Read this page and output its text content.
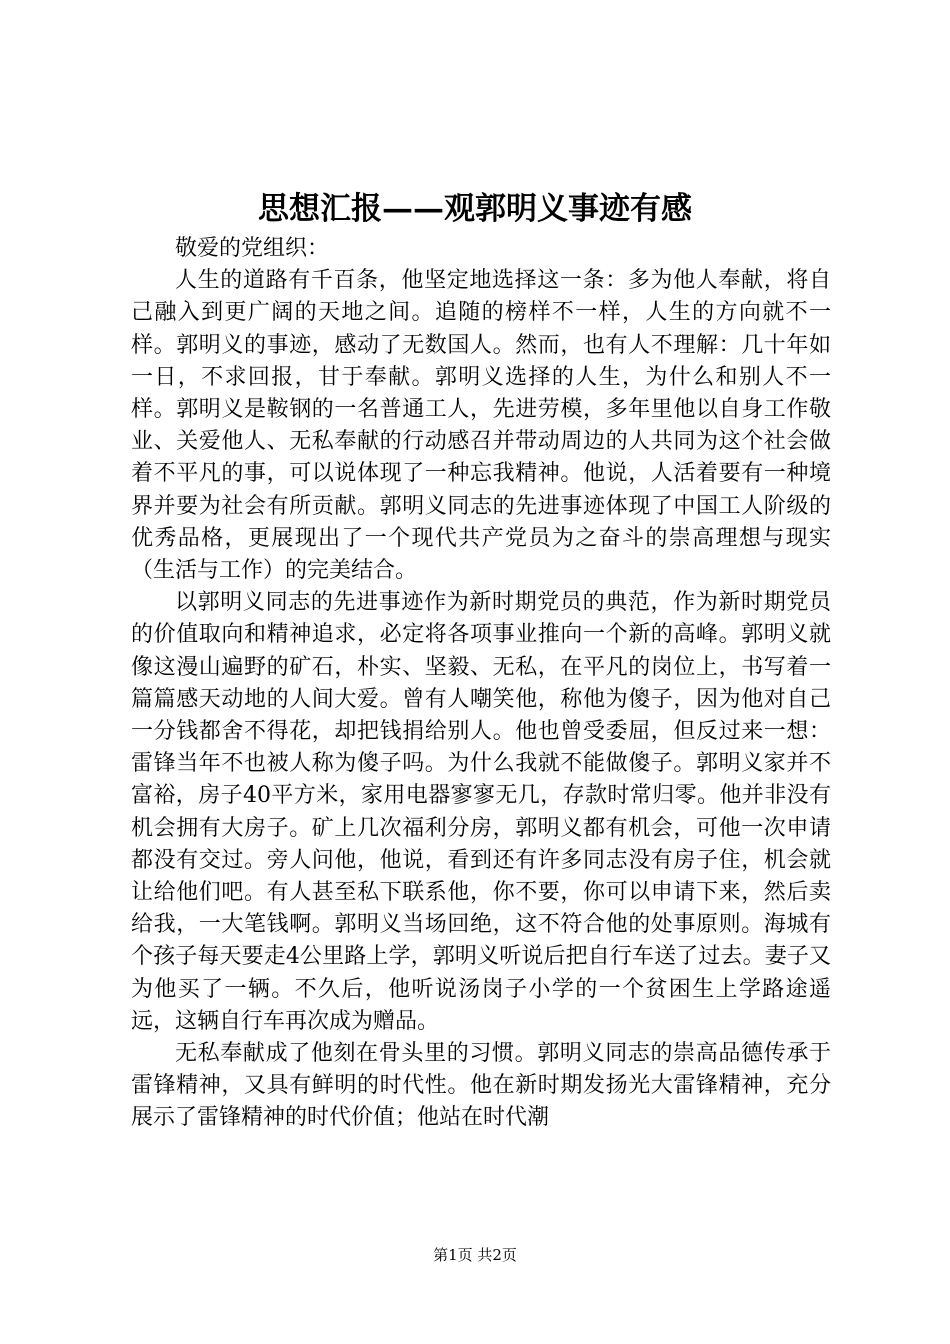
思想汇报——观郭明义事迹有感

敬爱的党组织：

人生的道路有千百条，他坚定地选择这一条：多为他人奉献，将自己融入到更广阔的天地之间。追随的榜样不一样，人生的方向就不一样。郭明义的事迹，感动了无数国人。然而，也有人不理解：几十年如一日，不求回报，甘于奉献。郭明义选择的人生，为什么和别人不一样。郭明义是鞍钢的一名普通工人，先进劳模，多年里他以自身工作敬业、关爱他人、无私奉献的行动感召并带动周边的人共同为这个社会做着不平凡的事，可以说体现了一种忘我精神。他说，人活着要有一种境界并要为社会有所贡献。郭明义同志的先进事迹体现了中国工人阶级的优秀品格，更展现出了一个现代共产党员为之奋斗的崇高理想与现实（生活与工作）的完美结合。

以郭明义同志的先进事迹作为新时期党员的典范，作为新时期党员的价值取向和精神追求，必定将各项事业推向一个新的高峰。郭明义就像这漫山遍野的矿石，朴实、坚毅、无私，在平凡的岗位上，书写着一篇篇感天动地的人间大爱。曾有人嘲笑他，称他为傻子，因为他对自己一分钱都舍不得花，却把钱捐给别人。他也曾受委屈，但反过来一想：雷锋当年不也被人称为傻子吗。为什么我就不能做傻子。郭明义家并不富裕，房子40平方米，家用电器寥寥无几，存款时常归零。他并非没有机会拥有大房子。矿上几次福利分房，郭明义都有机会，可他一次申请都没有交过。旁人问他，他说，看到还有许多同志没有房子住，机会就让给他们吧。有人甚至私下联系他，你不要，你可以申请下来，然后卖给我，一大笔钱啊。郭明义当场回绝，这不符合他的处事原则。海城有个孩子每天要走4公里路上学，郭明义听说后把自行车送了过去。妻子又为他买了一辆。不久后，他听说汤岗子小学的一个贫困生上学路途遥远，这辆自行车再次成为赠品。

无私奉献成了他刻在骨头里的习惯。郭明义同志的崇高品德传承于雷锋精神，又具有鲜明的时代性。他在新时期发扬光大雷锋精神，充分展示了雷锋精神的时代价值；他站在时代潮

第1页 共2页
